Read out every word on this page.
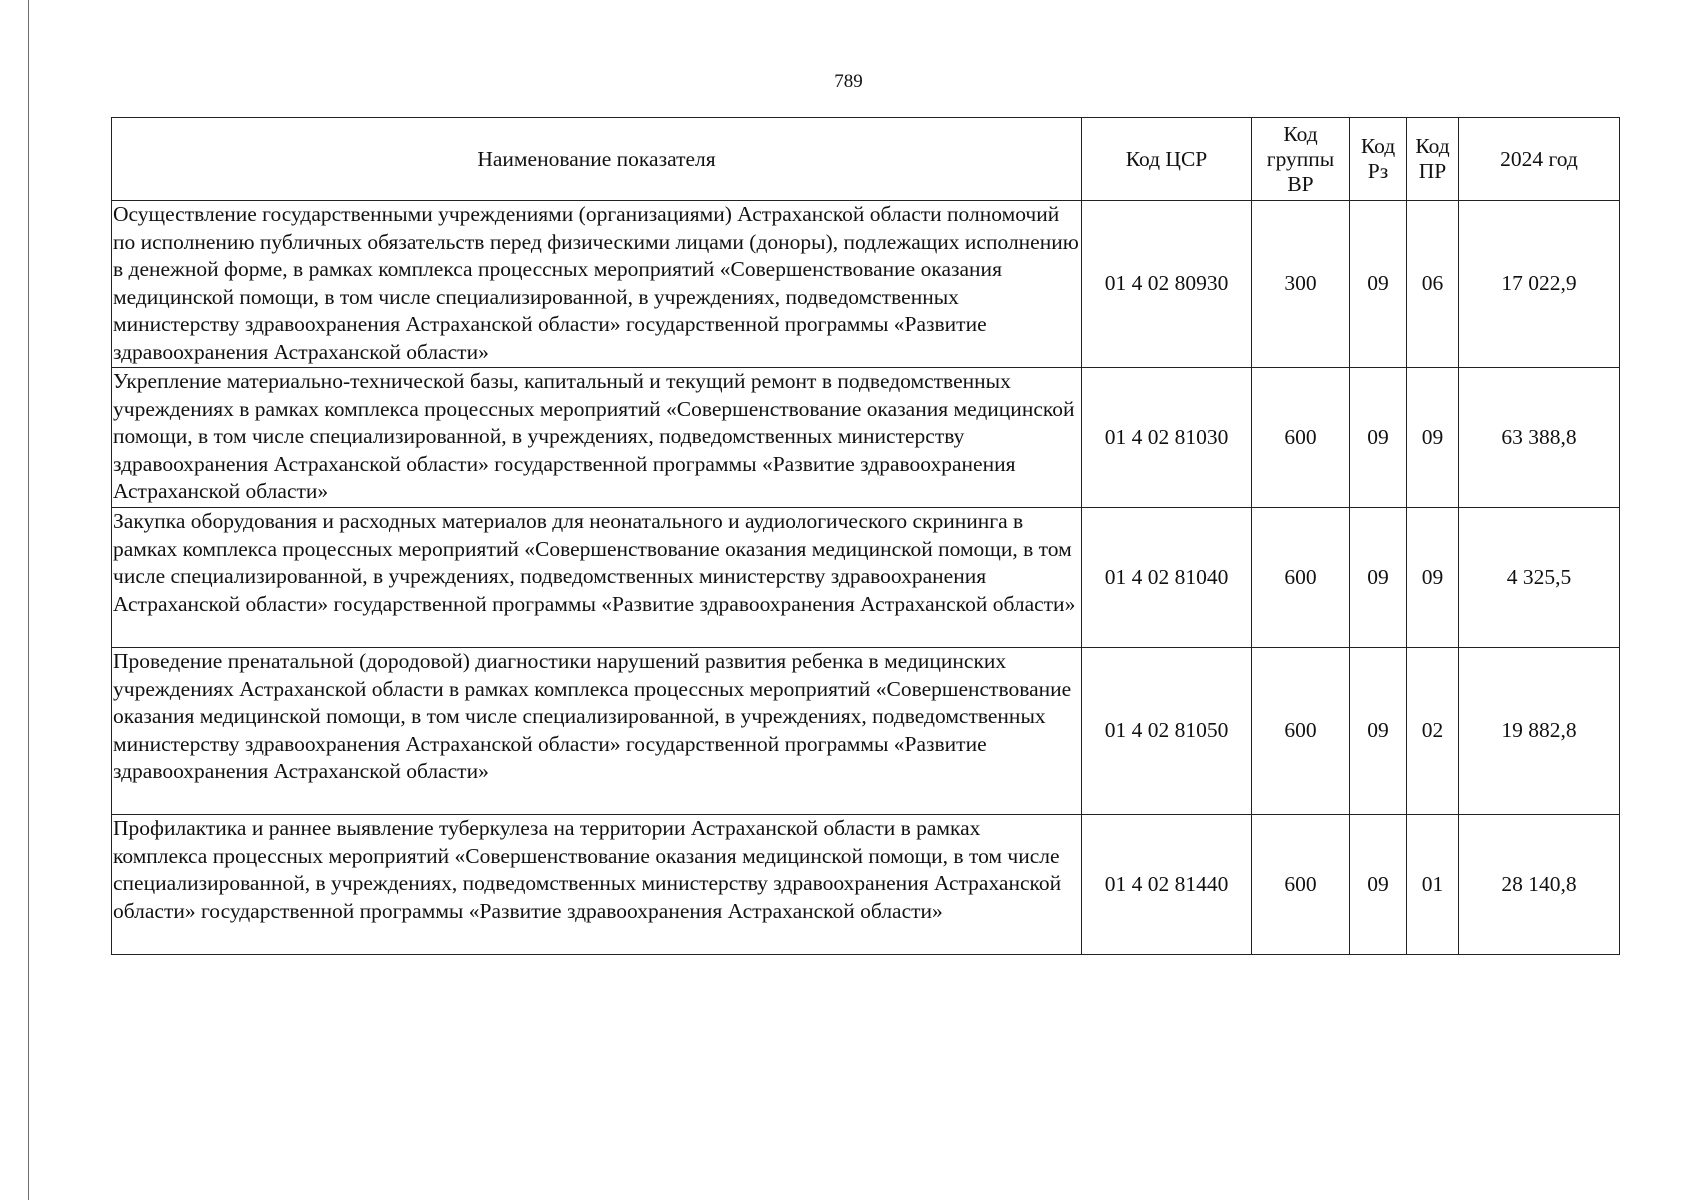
789
Наименование показателя	Код ЦСР	Код группы ВР	Код Рз	Код ПР	2024 год
Осуществление государственными учреждениями (организациями) Астраханской области полномочий по исполнению публичных обязательств перед физическими лицами (доноры), подлежащих исполнению в денежной форме, в рамках комплекса процессных мероприятий «Совершенствование оказания медицинской помощи, в том числе специализированной, в учреждениях, подведомственных министерству здравоохранения Астраханской области» государственной программы «Развитие здравоохранения Астраханской области»	01 4 02 80930	300	09	06	17 022,9
Укрепление материально-технической базы, капитальный и текущий ремонт в подведомственных учреждениях в рамках комплекса процессных мероприятий «Совершенствование оказания медицинской помощи, в том числе специализированной, в учреждениях, подведомственных министерству здравоохранения Астраханской области» государственной программы «Развитие здравоохранения Астраханской области»	01 4 02 81030	600	09	09	63 388,8
Закупка оборудования и расходных материалов для неонатального и аудиологического скрининга в рамках комплекса процессных мероприятий «Совершенствование оказания медицинской помощи, в том числе специализированной, в учреждениях, подведомственных министерству здравоохранения Астраханской области» государственной программы «Развитие здравоохранения Астраханской области»	01 4 02 81040	600	09	09	4 325,5
Проведение пренатальной (дородовой) диагностики нарушений развития ребенка в медицинских учреждениях Астраханской области в рамках комплекса процессных мероприятий «Совершенствование оказания медицинской помощи, в том числе специализированной, в учреждениях, подведомственных министерству здравоохранения Астраханской области» государственной программы «Развитие здравоохранения Астраханской области»	01 4 02 81050	600	09	02	19 882,8
Профилактика и раннее выявление туберкулеза на территории Астраханской области в рамках комплекса процессных мероприятий «Совершенствование оказания медицинской помощи, в том числе специализированной, в учреждениях, подведомственных министерству здравоохранения Астраханской области» государственной программы «Развитие здравоохранения Астраханской области»	01 4 02 81440	600	09	01	28 140,8
